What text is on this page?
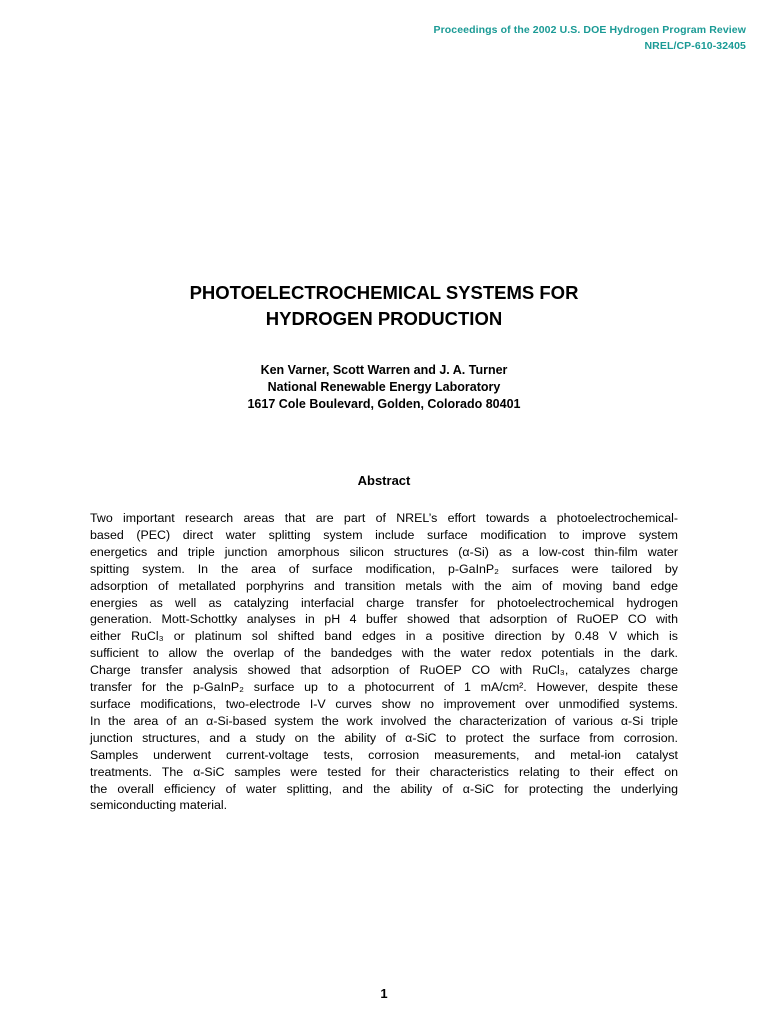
Proceedings of the 2002 U.S. DOE Hydrogen Program Review
NREL/CP-610-32405
PHOTOELECTROCHEMICAL SYSTEMS FOR
HYDROGEN PRODUCTION
Ken Varner, Scott Warren and J. A. Turner
National Renewable Energy Laboratory
1617 Cole Boulevard, Golden, Colorado 80401
Abstract
Two important research areas that are part of NREL’s effort towards a photoelectrochemical-
based (PEC) direct water splitting system include surface modification to improve system
energetics and triple junction amorphous silicon structures (α-Si) as a low-cost thin-film water
spitting system. In the area of surface modification, p-GaInP₂ surfaces were tailored by
adsorption of metallated porphyrins and transition metals with the aim of moving band edge
energies as well as catalyzing interfacial charge transfer for photoelectrochemical hydrogen
generation. Mott-Schottky analyses in pH 4 buffer showed that adsorption of RuOEP CO with
either RuCl₃ or platinum sol shifted band edges in a positive direction by 0.48 V which is
sufficient to allow the overlap of the bandedges with the water redox potentials in the dark.
Charge transfer analysis showed that adsorption of RuOEP CO with RuCl₃, catalyzes charge
transfer for the p-GaInP₂ surface up to a photocurrent of 1 mA/cm². However, despite these
surface modifications, two-electrode I-V curves show no improvement over unmodified systems.
In the area of an α-Si-based system the work involved the characterization of various α-Si triple
junction structures, and a study on the ability of α-SiC to protect the surface from corrosion.
Samples underwent current-voltage tests, corrosion measurements, and metal-ion catalyst
treatments. The α-SiC samples were tested for their characteristics relating to their effect on
the overall efficiency of water splitting, and the ability of α-SiC for protecting the underlying
semiconducting material.
1
